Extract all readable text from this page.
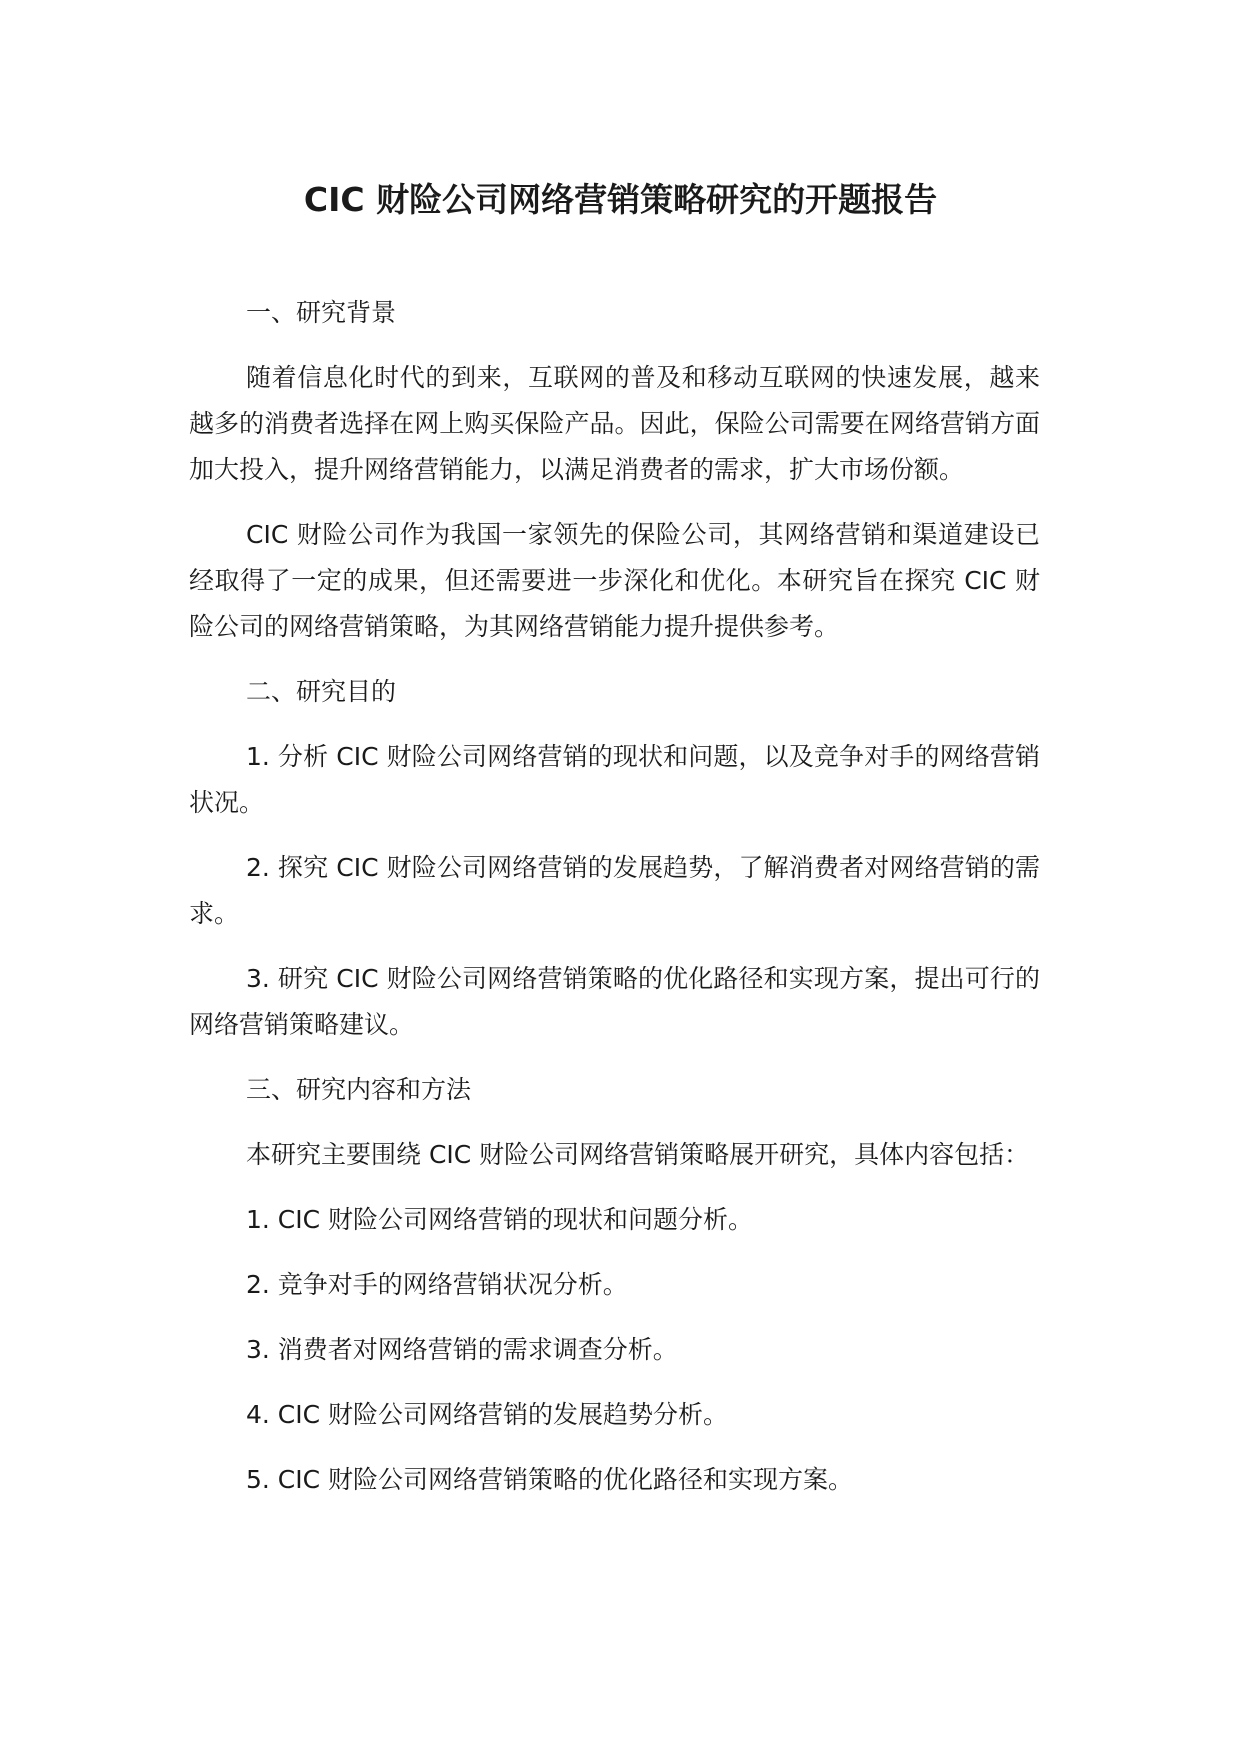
CIC 财险公司网络营销策略研究的开题报告
一、研究背景

随着信息化时代的到来，互联网的普及和移动互联网的快速发展，越来越多的消费者选择在网上购买保险产品。因此，保险公司需要在网络营销方面加大投入，提升网络营销能力，以满足消费者的需求，扩大市场份额。

CIC 财险公司作为我国一家领先的保险公司，其网络营销和渠道建设已经取得了一定的成果，但还需要进一步深化和优化。本研究旨在探究 CIC 财险公司的网络营销策略，为其网络营销能力提升提供参考。

二、研究目的

1. 分析 CIC 财险公司网络营销的现状和问题，以及竞争对手的网络营销状况。

2. 探究 CIC 财险公司网络营销的发展趋势，了解消费者对网络营销的需求。

3. 研究 CIC 财险公司网络营销策略的优化路径和实现方案，提出可行的网络营销策略建议。

三、研究内容和方法

本研究主要围绕 CIC 财险公司网络营销策略展开研究，具体内容包括：

1. CIC 财险公司网络营销的现状和问题分析。

2. 竞争对手的网络营销状况分析。

3. 消费者对网络营销的需求调查分析。

4. CIC 财险公司网络营销的发展趋势分析。

5. CIC 财险公司网络营销策略的优化路径和实现方案。
